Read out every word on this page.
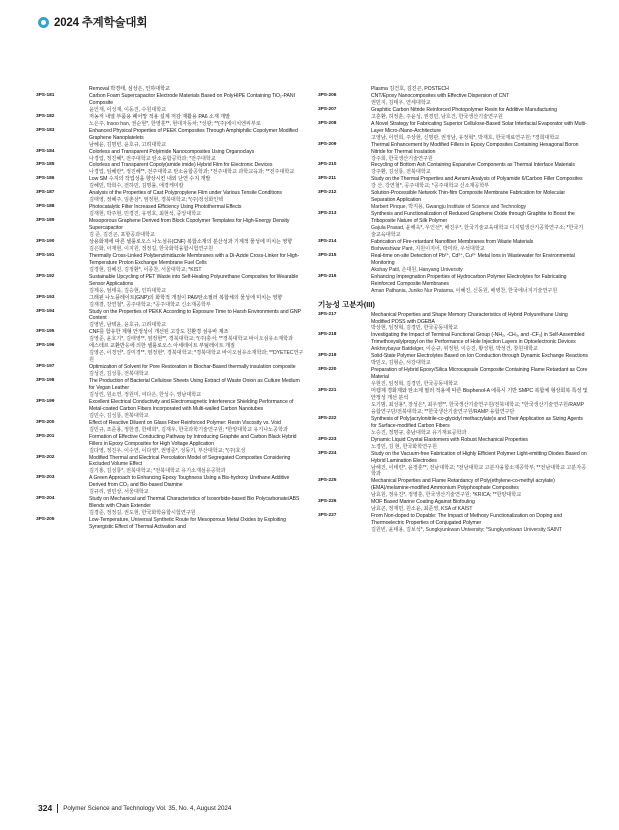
2024 추계학술대회
Removal 박경태, 심상은, 인하대학교
3PS-181	Carbon Foam Supercapacitor Electrode Materials Based on PolyHIPE Containing TiO₂-PANI Composite
윤인재, 이성재, 이동진, 수원대학교
3PS-182	저농저 내열 부품용 폐어망 적용 설계 저감 재활용 PA6 소재 개발
노은주, Insoo han, 권순현*, 한영훈**, 현대자동차; *성광; **(주)에이치엔씨부로
3PS-183	Enhanced Physical Properties of PEEK Composites Through Amphiphilic Copolymer Modified Graphene Nanoplatelets
남혜윤, 김명빈, 윤호규, 고려대학교
3PS-184	Colorless and Transparent Polyimide Nanocomposites Using Organoclays
나경업, 정진혜*, 전주대학교 탄소융합공학과; *전주대학교
3PS-185	Colorless and Transparent Copoly(amide imide) Hybrid Film for Electronic Devices
나경업, 임혜란*, 정진혜**, 전주대학교 탄소융합공학과; *전주대학교 과학교육과; **전주대학교
3PS-186	Low SM 수지의 작업성을 향상시킨 내외 난연 수지 개발
김혜민, 박희수, 전하민, 김명률, 애경케미칼
3PS-187	Analysis of the Properties of Cast Polypropylene Film under Various Tensile Conditions
김태영, 정혜주, 임춘삼*, 염정현, 경북대학교; *(주)정성화인텍
3PS-188	Photocatalytic Filter Increased Efficiency Using Photothermal Effects
김재현, 박주현, 민경진, 유영호, 최현석, 중앙대학교
3PS-189	Mesoporous Graphene Derived from Block Copolymer Templates for High-Energy Density Supercapacitor
김 준, 김진곤, 포항공과대학교
3PS-190	상용화제에 따른 셀룰로오스 나노섬유(CNF) 복합소재의 분산성과 기계적 물성에 미치는 영향
김은화, 이재현, 이지원, 정정길, 한국화학융합시험연구원
3PS-191	Thermally Cross-Linked Polybenzimidazole Membranes with a Di-Azide Cross-Linker for High-Temperature Proton Exchange Membrane Fuel Cells
김경현, 김혜진, 김정환*, 이종찬, 서울대학교; *KIST
3PS-192	Sustainable Upcycling of PET Waste into Self-Healing Polyurethane Composites for Wearable Sensor Applications
김제웅, 엄태욱, 김승현, 인하대학교
3PS-193	그래핀 나노플레이트(GNP)의 화학적 개질이 PA6/탄소필러 복합체의 물성에 미치는 영향
김재겸, 강연철*, 공주대학교; *공주대학교 신소재공학부
3PS-194	Study on the Properties of PEKK According to Exposure Time to Harsh Environments and GNP Content
김영빈, 남택윤, 윤호규, 고려대학교
3PS-195	CNF를 함유한 제형 안정성이 개선된 고강도 친환경 섬유바 제조
김영준, 윤호기*, 김태영**, 염정현**, 경북대학교; *(주)충서; **경북대학교 바이오섬유소재학과
3PS-196	에스테르 교환반응에 의한 셀룰로오스 아세테이트 부틸레이트 개질
김영곤, 이경언*, 김미경**, 염정현*, 경북대학교; *경북대학교 바이오섬유소재학과; **DYETEC연구원
3PS-197	Optimization of Solvent for Pore Restoration in Biochar-Based thermally insulation composite
김성진, 김성룡, 전북대학교
3PS-198	The Production of Bacterial Cellulose Sheets Using Extract of Waste Onion as Culture Medium for Vegan Leather
김성린, 원소연, 정원미, 여다은, 한성수, 영남대학교
3PS-199	Excellent Electrical Conductivity and Electromagnetic Interference Shielding Performance of Metal-coated Carbon Fibers Incorporated with Multi-walled Carbon Nanotubes
김민수, 김성룡, 전북대학교
3PS-200	Effect of Reactive Diluent on Glass Fiber Reinforced Polymer: Resin Viscosity vs. Void
김민규, 조준용, 정한결, 한태희*, 김재우, 한국과학기술연구원; *한양대학교 유기나노공학과
3PS-201	Formation of Effective Conducting Pathway by Introducing Graphite and Carbon Black Hybrid Fillers in Epoxy Composites for High Voltage Application
김다영, 정진우, 이수연, 이다영*, 권영준*, 성동기, 부산대학교; *(주)효성
3PS-202	Modified Thermal and Electrical Percolation Model of Segregated Composites Considering Excluded Volume Effect
김기홍, 김성룡*, 전북대학교; *전북대학교 유기소재섬유공학과
3PS-203	A Green Approach to Enhancing Epoxy Toughness Using a Bis-hydroxy Urethane Additive Derived from CO₂ and Bio-based Diamine
김규리, 권민상, 서울대학교
3PS-204	Study on Mechanical and Thermal Characteristics of Isosorbide-based Bio Polycarbonate/ABS Blends with Chain Extender
김경준, 정정길, 권도현, 한국화학융합시험연구원
3PS-205	Low-Temperature, Universal Synthetic Route for Mesoporous Metal Oxides by Exploiting Synergistic Effect of Thermal Activation and
Plasma 김건호, 김진곤, POSTECH
3PS-206	CNT/Epoxy Nanocomposites with Effective Dispersion of CNT
권민지, 김태우, 연세대학교
3PS-207	Graphitic Carbon Nitride Reinforced Photopolymer Resin for Additive Manufacturing
고훈환, 허정훈, 주윤성, 권경민, 남호건, 한국생산기술연구원
3PS-208	A Novel Strategy for Fabricating Superior Cellulose-Based Solar Interfacial Evaporator with Multi-Layer Micro-/Nano-Architecture
고영남, 이연희, 주상현, 신명관, 권정남, 유정혁*, 박재호, 한국재료연구원; *경희대학교
3PS-209	Thermal Enhancement by Modified Fillers in Epoxy Composites Containing Hexagonal Boron Nitride for Thermal Insulation
강주희, 한국생산기술연구원
3PS-210	Recycling of Bottom Ash Containing Expansive Components as Thermal Interface Materials
강주환, 김성룡, 전북대학교
3PS-211	Study on the Thermal Properties and Avrami Analysis of Polyamide 6/Carbon Filler Composites
강 산, 강연철*, 공주대학교; *공주대학교 신소재공학부
3PS-212	Solution-Processible Network Thin-film Composite Membrane Fabrication for Molecular Separation Application
Marbert Pinque, 박지용, Gwangju Institute of Science and Technology
3PS-213	Synthesis and Functionalization of Reduced Graphene Oxide through Graphite to Boost the Triboposite Nature of Silk Polymer
Gajula Prasad, 윤해욱*, 우인선*, 배진우*, 한국기술교육대학교 디지털생산기공학연구소; *한국기술교육대학교
3PS-214	Fabrication of Fire-retardant Nanofiber Membranes from Waste Materials
Bishweshwar Pant, 지원이지어, 박미라, 우석대학교
3PS-215	Real-time on-site Detection of Pb²⁺, Cd²⁺, Cu²⁺ Metal Ions in Wastewater for Environmental Monitoring
Akshay Patil, 손대원, Hanyang University
3PS-216	Enhancing Impregnation Properties of Hydrocarbon Polymer Electrolytes for Fabricating Reinforced Composite Membranes
Aman Pathania, Juniko Nur Pratama, 이혜진, 신동원, 배병찬, 한국에너지기술연구원
기능성 고분자(III)
3PS-217	Mechanical Properties and Shape Memory Characteristics of Hybrid Polyurethane Using Modified POSS with DGEBA
박상현, 임정혁, 김경민, 한국공동대학교
3PS-218	Investigating the Impact of Terminal Functional Group (-NH₂, -CH₃, and -CF₃) in Self-Assembled Trimethoxysilylpropyl on the Performance of Hole Injection Layers in Optoelectronic Devices
Ankhnybayar Batdelger, 이순규, 위정현, 이승진, 황성현, 박성건, 창원대학교
3PS-219	Solid-State Polymer Electrolytes Based on Ion Conduction through Dynamic Exchange Reactions
박민오, 김형순, 서강대학교
3PS-220	Preparation of Hybrid Epoxy/Silica Microcapsule Composite Containing Flame Retardant as Core Material
우현진, 임정혁, 김경민, 한국공동대학교
3PS-221	머캡제 경화제와 탄소계 필러 적용에 따른 Bisphenol-A 에폭시 기반 SMPC 복합체 형상회복 특성 및 안정성 개선 분석
도기범, 최성용*, 장성은*, 최우영**, 한국생산기술연구원/전북대학교; *한국생산기술연구원/RAMP 융합연구단/전북대학교; **한국생산기술연구원/RAMP 융합연구단
3PS-222	Synthesis of Poly(acrylonitrile-co-glycidyl methacrylate)s and Their Application as Sizing Agents for Surface-modified Carbon Fibers
노승진, 정명규, 충남대학교 유기재료공학과
3PS-223	Dynamic Liquid Crystal Elastomers with Robust Mechanical Properties
노경민, 김 현, 한국화학연구원
3PS-224	Study on the Vacuum-free Fabrication of Highly Efficient Polymer Light-emitting Diodes Based on Hybrid Lamination Electrodes
남해진, 이태린*, 윤정훈**, 전남대학교; *전남대학교 고분자융합소재공학부; **전남대학교 고분자공학과
3PS-225	Mechanical Properties and Flame Retardancy of Poly(ethylene-co-methyl acrylate) (EMA)/melamine-modified Ammonium Polyphosphate Composites
남효원, 정유진*, 정영훈, 한국생산기술연구원; *KRICA; **한양대학교
3PS-226	MOF Based Marine Coating Against Biofouling
남효곤, 정재민, 원소윤, 최준영, KSA of KAIST
3PS-227	From Non-doped to Dopable: The Impact of Methoxy Functionalization on Doping and Thermoelectric Properties of Conjugated Polymer
김원빈, 윤태용, 김보석*, Sungkyunkwan University; *Sungkyunkwan University SAINT
324 Polymer Science and Technology Vol. 35, No. 4, August 2024
